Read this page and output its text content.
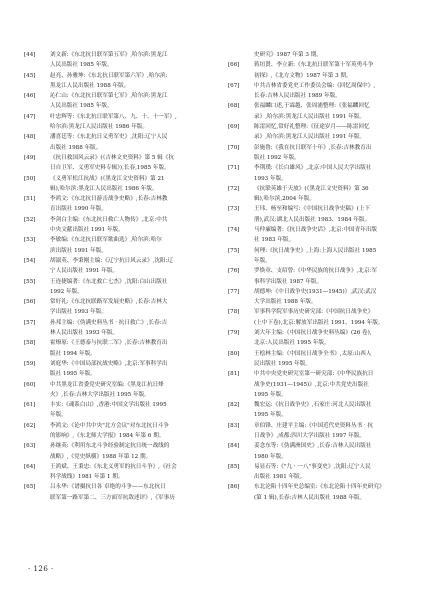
[44]	刘文新:《东北抗日联军第五军》,哈尔滨:黑龙江
人民出版社 1985 年版。
[45]	赵亮、孙雅坤:《东北抗日联军第六军》,哈尔滨:
黑龙江人民出版社 1988 年版。
[46]	沁仁山:《东北抗日联军第七军》,哈尔滨:黑龙江
人民出版社 1985 年版。
[47]	叶忠辉等:《东北抗日联军第八、九、十、十一军》,
哈尔滨:黑龙江人民出版社 1986 年版。
[48]	潘喜廷等:《东北抗日义勇军史》,沈阳:辽宁人民
出版社 1988 年版。
[49]	《抗日救国风云录》(《吉林文史资料》第 5 辑《抗
日自卫军、义勇军史料专辑》),长春,1985 年版。
[50]	《义勇军松江抗战》(《黑龙江文史资料》第 21
辑),哈尔滨:黑龙江人民出版社 1986 年版。
[51]	李鸿文:《东北抗日游击战争史略》,长春:吉林教
育出版社 1990 年版。
[52]	李剑白主编:《东北抗日救亡人物传》,北京:中共
中央文献出版社 1991 年版。
[53]	李敏编:《东北抗日联军歌曲选》,哈尔滨:哈尔
滨出版社 1991 年版。
[54]	胡淑英、李秉刚主编:《辽宁抗日风云录》,沈阳:辽
宁人民出版社 1991 年版。
[55]	王连捷编著:《东北救亡七杰》,沈阳:白山出版社
1992 年版。
[56]	常好礼:《东北抗联路军发展史略》,长春:吉林大
学出版社 1993 年版。
[57]	孙邦主编:《伪满史料丛书 · 抗日救亡》,长春:吉
林人民出版社 1993 年版。
[58]	霍燎原:《王德泰与抗联二军》,长春:吉林教育出
版社 1994 年版。
[59]	刘庭华:《中国局部抗战史略》,北京:军事科学出
版社 1995 年版。
[60]	中共黑龙江省委党史研究室编:《黑龙江抗日烽
火》,长春:吉林大学出版社 1995 年版。
[61]	丰实:《魂系白山》,香港:中国文学出版社 1995
年版。
[62]	李鸿文:《论中共中央"北方会议"对东北抗日斗争
的影响》,《东北师大学报》1984 年第 6 期。
[63]	孙继英:《利用东北斗争经验制定抗日统一战线的
战略》,《党史纵横》1988 年第 12 期。
[64]	王鸿斌、王秉忠:《东北义勇军的抗日斗争》,《社会
科学战线》1981 年第 1 期。
[65]	吕永华:《谱摄抗日各 卓绝的斗争——东北抗日
联军第一路军第二、三方面军抗敌述评》,《军事历
史研究》1987 年第 3 期。
[66]	蒋垣贤、李立新:《东北抗日联军第十军英勇斗争
初探》,《北方文物》1987 年第 3 期。
[67]	中共吉林省委党史工作委员会编:《回忆周保中》,
长春:吉林人民出版社 1989 年版。
[68]	张福麟口述,于霖越、张周浦整理:《张福麟回忆
录》,哈尔滨:黑龙江人民出版社 1991 年版。
[69]	陈雷回忆,常好礼整理:《征途岁月——陈雷回忆
录》,哈尔滨:黑龙江人民出版社 1991 年版。
[70]	彭施鲁:《我在抗日联军十年》,长春:吉林教育出
版社 1992 年版。
[71]	李荆璞:《长白雄风》,北京:中国人民大学出版社
1993 年版。
[72]	《抗联英雄于天放》(《黑龙江文史资料》第 36
辑),哈尔滨,2004 年版。
[73]	王玮、杨至和编写:《中国抗日战争史稿》(上下
册),武汉:湖北人民出版社 1983、1984 年版。
[74]	马仲廉编著:《抗日战争史话》,北京:中国青年出版
社 1983 年版。
[75]	何理:《抗日战争史》,上海:上海人民出版社 1985
年版。
[76]	罗焕章、支绍曾:《中华民族的抗日战争》,北京:军
事科学出版社 1987 年版。
[77]	胡德坤:《中日战争史(1931—1945)》,武汉:武汉
大学出版社 1988 年版。
[78]	军事科学院军事历史研究部:《中国抗日战争史》
(上中下卷),北京:解放军出版社 1991、1994 年版。
[79]	刘大年主编:《中国抗日战争史料丛编》(26 卷),
北京:人民出版社 1995 年版。
[80]	王桧林主编:《中国抗日战争全书》,太原:山西人
民出版社 1995 年版。
[81]	中共中央党史研究室第一研究部:《中华民族抗日
战争史(1931—1945)》,北京:中共党史出版社
1995 年版。
[82]	魏宏运:《抗日战争史》,石家庄:河北人民出版社
1995 年版。
[83]	章伯锋、庄建平主编:《中国近代史资料丛书 · 抗
日战争》,成都:四川大学出版社 1997 年版。
[84]	姜念东等:《伪满洲国史》,长春:吉林人民出版社
1980 年版。
[85]	易显石等:《"九 · 一八"事变史》,沈阳:辽宁人民
出版社 1981 年版。
[86]	东北沦陷十四年史总编室:《东北沦陷十四年史研究》
(第 1 辑),长春:吉林人民出版社 1988 年版。
· 126 ·
